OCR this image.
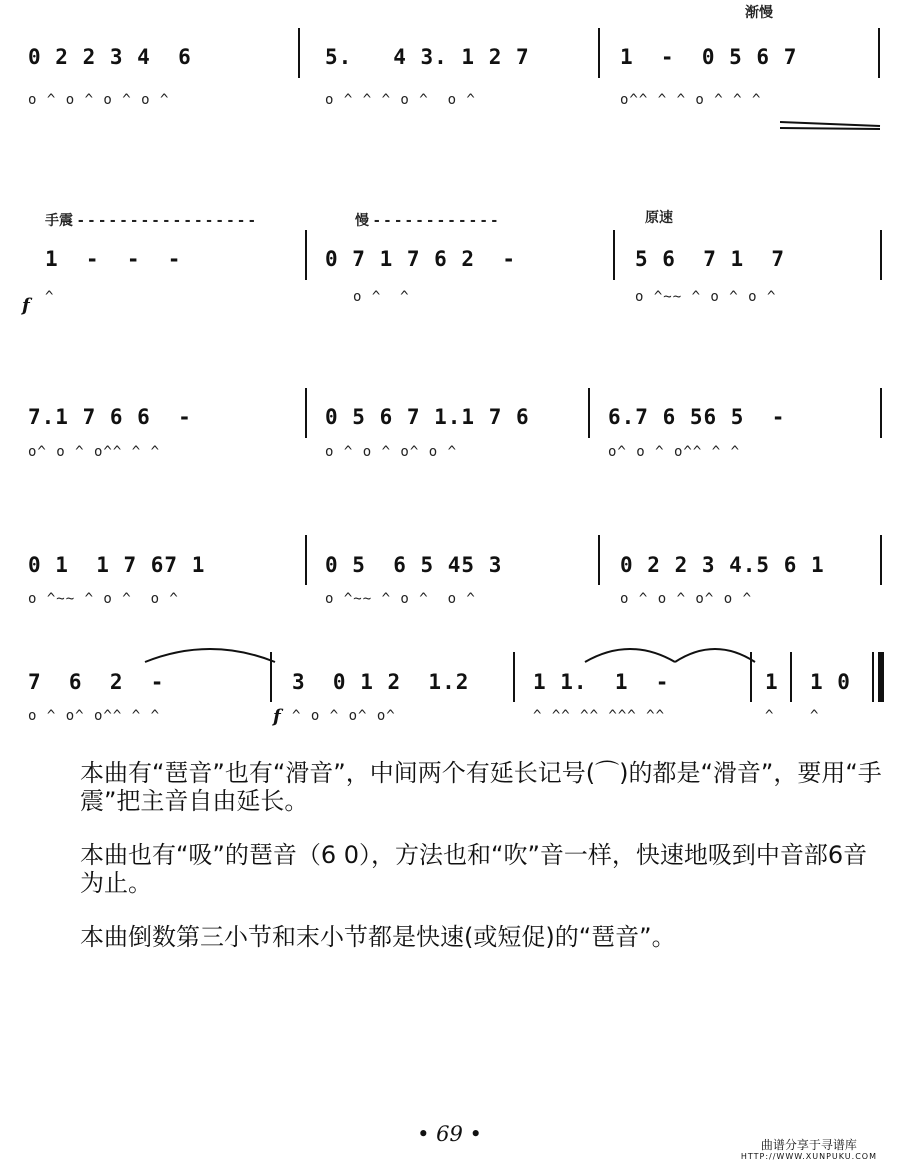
渐慢
0 2 2 3 4  6
o ^ o ^ o ^ o ^
5.   4 3. 1 2 7
o ^ ^ ^ o ^  o ^
1  -  0 5 6 7
o^^ ^ ^ o ^ ^ ^
手震 - - - - - - - - - - - - - - - - -	慢 - - - - - - - - - - - -	原速
f
1  -  -  -
^
0 7 1 7 6 2  -
o ^  ^
5 6  7 1  7
o ^~~ ^ o ^ o ^
7.1 7 6 6  -
o^ o ^ o^^ ^ ^
0 5 6 7 1.1 7 6
o ^ o ^ o^ o ^
6.7 6 56 5  -
o^ o ^ o^^ ^ ^
0 1  1 7 67 1
o ^~~ ^ o ^  o ^
0 5  6 5 45 3
o ^~~ ^ o ^  o ^
0 2 2 3 4.5 6 1
o ^ o ^ o^ o ^
7  6  2  -
o ^ o^ o^^ ^ ^	f
3  0 1 2  1.2
^ o ^ o^ o^
1 1.  1  -
^ ^^ ^^ ^^^ ^^
1
^
1 0
^

本曲有“琶音”也有“滑音”，中间两个有延长记号(⌒)的都是“滑音”，要用“手震”把主音自由延长。

本曲也有“吸”的琶音（6 0），方法也和“吹”音一样，快速地吸到中音部6音为止。

本曲倒数第三小节和末小节都是快速(或短促)的“琶音”。

• 69 •	曲谱分享于寻谱库
HTTP://WWW.XUNPUKU.COM
